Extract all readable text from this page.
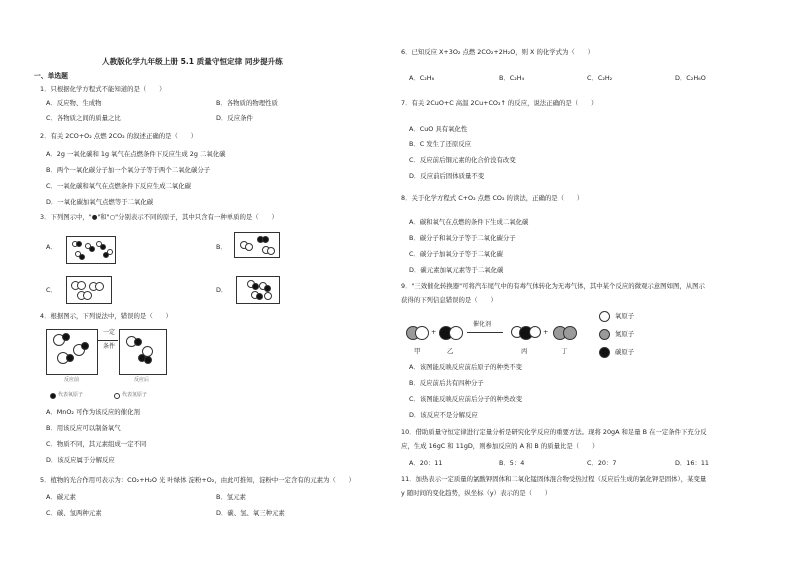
人教版化学九年级上册 5.1 质量守恒定律 同步提升练
一、单选题
1．只根据化学方程式不能知道的是（　　）
A．反应物、生成物	B．各物质的物理性质
C．各物质之间的质量之比	D．反应条件
2．有关 2CO+O₂ 点燃 2CO₂ 的叙述正确的是（　　）
A．2g 一氧化碳和 1g 氧气在点燃条件下反应生成 2g 二氧化碳
B．两个一氧化碳分子加一个氧分子等于两个二氧化碳分子
C．一氧化碳和氧气在点燃条件下反应生成二氧化碳
D．一氧化碳加氧气点燃等于二氧化碳
3．下列图示中，"●"和"○"分别表示不同的原子，其中只含有一种单质的是（　　）
A．	B．
C．	D．
4．根据图示，下列说法中，错误的是（　　）
反应前
一定
条件
反应后
代表氧原子	代表氢原子
A．MnO₂ 可作为该反应的催化剂
B．用该反应可以制备氧气
C．物质不同，其元素组成一定不同
D．该反应属于分解反应
5．植物的光合作用可表示为：CO₂+H₂O 光 叶绿体 淀粉+O₂，由此可推知，淀粉中一定含有的元素为（　　）
A．碳元素	B．氢元素
C．碳、氢两种元素	D．碳、氢、氧三种元素
6．已知反应 X+3O₂ 点燃 2CO₂+2H₂O，则 X 的化学式为（　　）
A．C₂H₆	B．C₂H₄	C．C₂H₂	D．C₂H₆O
7．有关 2CuO+C 高温 2Cu+CO₂↑ 的反应，说法正确的是（　　）
A．CuO 具有氧化性
B．C 发生了还原反应
C．反应前后铜元素的化合价没有改变
D．反应前后固体质量不变
8．关于化学方程式 C+O₂ 点燃 CO₂ 的读法，正确的是（　　）
A．碳和氧气在点燃的条件下生成二氧化碳
B．碳分子和氧分子等于二氧化碳分子
C．碳分子加氧分子等于二氧化碳
D．碳元素加氧元素等于二氧化碳
9．"三效催化转换器"可将汽车尾气中的有毒气体转化为无毒气体，其中某个反应的微观示意图如图，从图示
获得的下列信息错误的是（　　）
+
催化剂
+
甲	乙	丙	丁
氧原子
氮原子
碳原子
A．该图能反映反应前后原子的种类不变
B．反应前后共有四种分子
C．该图能反映反应前后分子的种类改变
D．该反应不是分解反应
10．借助质量守恒定律进行定量分析是研究化学反应的重要方法。现将 20gA 和足量 B 在一定条件下充分反
应，生成 16gC 和 11gD，则参加反应的 A 和 B 的质量比是（　　）
A．20：11	B．5：4	C．20：7	D．16：11
11．加热表示一定质量的氯酸钾固体和二氧化锰固体混合物受热过程（反应后生成的氯化钾是固体），某变量
y 随时间的变化趋势，纵坐标（y）表示的是（　　）
